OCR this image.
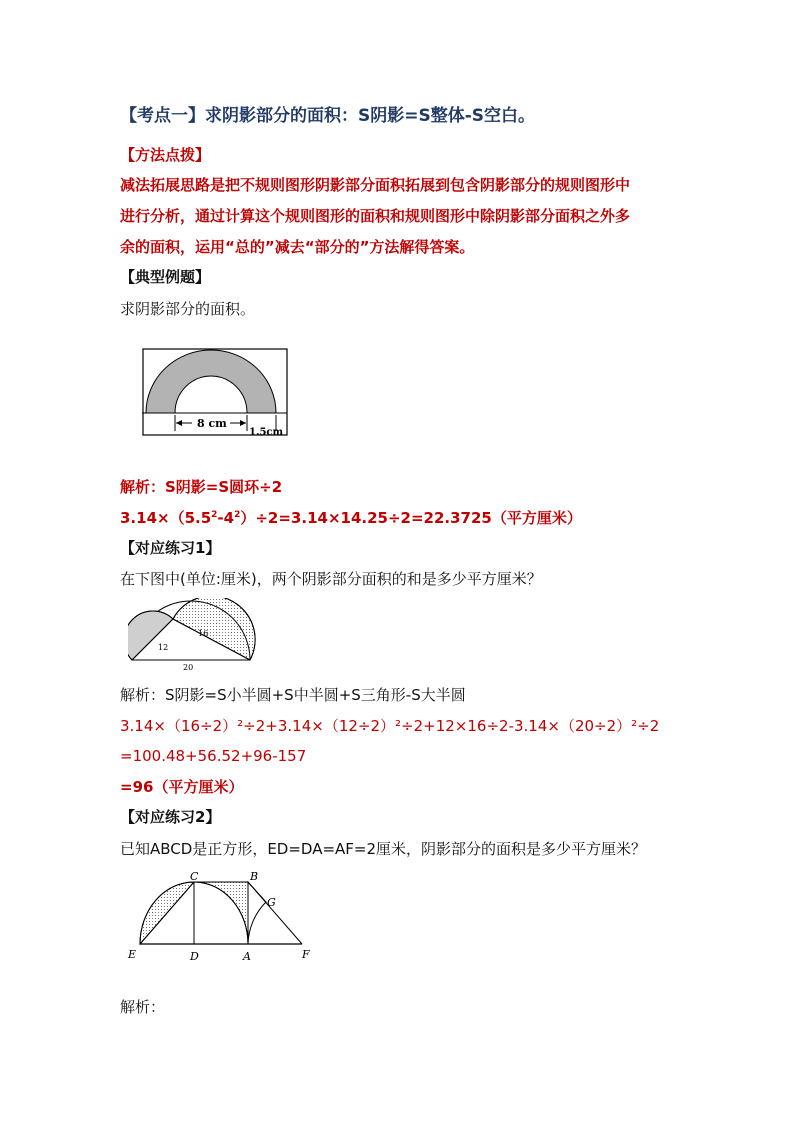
【考点一】求阴影部分的面积：S阴影=S整体-S空白。
【方法点拨】
减法拓展思路是把不规则图形阴影部分面积拓展到包含阴影部分的规则图形中
进行分析，通过计算这个规则图形的面积和规则图形中除阴影部分面积之外多
余的面积，运用“总的”减去“部分的”方法解得答案。
【典型例题】
求阴影部分的面积。
8 cm
1.5cm
解析：S阴影=S圆环÷2
$3.14\times(5.5^2-4^2)\div 2=3.14\times 14.25\div 2=22.3725$（平方厘米）
【对应练习1】
在下图中(单位:厘米)，两个阴影部分面积的和是多少平方厘米？
12
16
20
解析：S阴影=S小半圆+S中半圆+S三角形-S大半圆
3.14×（16÷2）²÷2+3.14×（12÷2）²÷2+12×16÷2-3.14×（20÷2）²÷2
=100.48+56.52+96-157
=96（平方厘米）
【对应练习2】
已知ABCD是正方形，ED=DA=AF=2厘米，阴影部分的面积是多少平方厘米？
C	B
G
E	D	A	F
解析：
